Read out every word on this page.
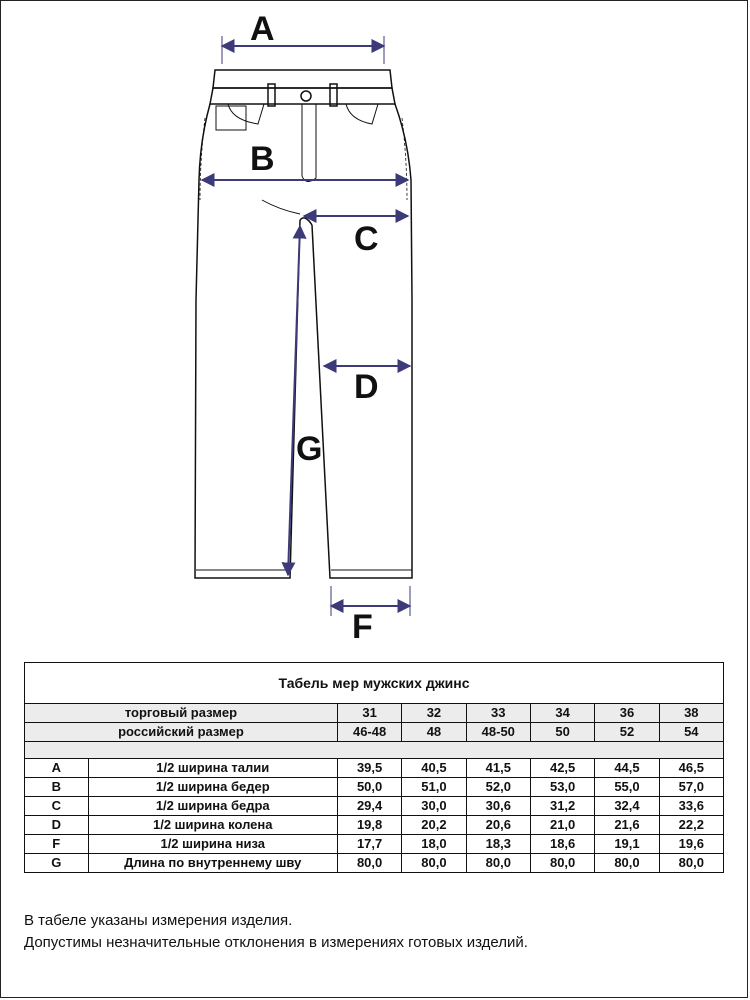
A
B
C
D
G
F
Табель мер мужских джинс							
торговый размер		31	32	33	34	36	38
российский размер		46-48	48	48-50	50	52	54

A	1/2 ширина талии	39,5	40,5	41,5	42,5	44,5	46,5
B	1/2 ширина бедер	50,0	51,0	52,0	53,0	55,0	57,0
C	1/2 ширина бедра	29,4	30,0	30,6	31,2	32,4	33,6
D	1/2 ширина колена	19,8	20,2	20,6	21,0	21,6	22,2
F	1/2 ширина низа	17,7	18,0	18,3	18,6	19,1	19,6
G	Длина по внутреннему шву	80,0	80,0	80,0	80,0	80,0	80,0
В табеле указаны измерения изделия.
Допустимы незначительные отклонения в измерениях готовых изделий.
